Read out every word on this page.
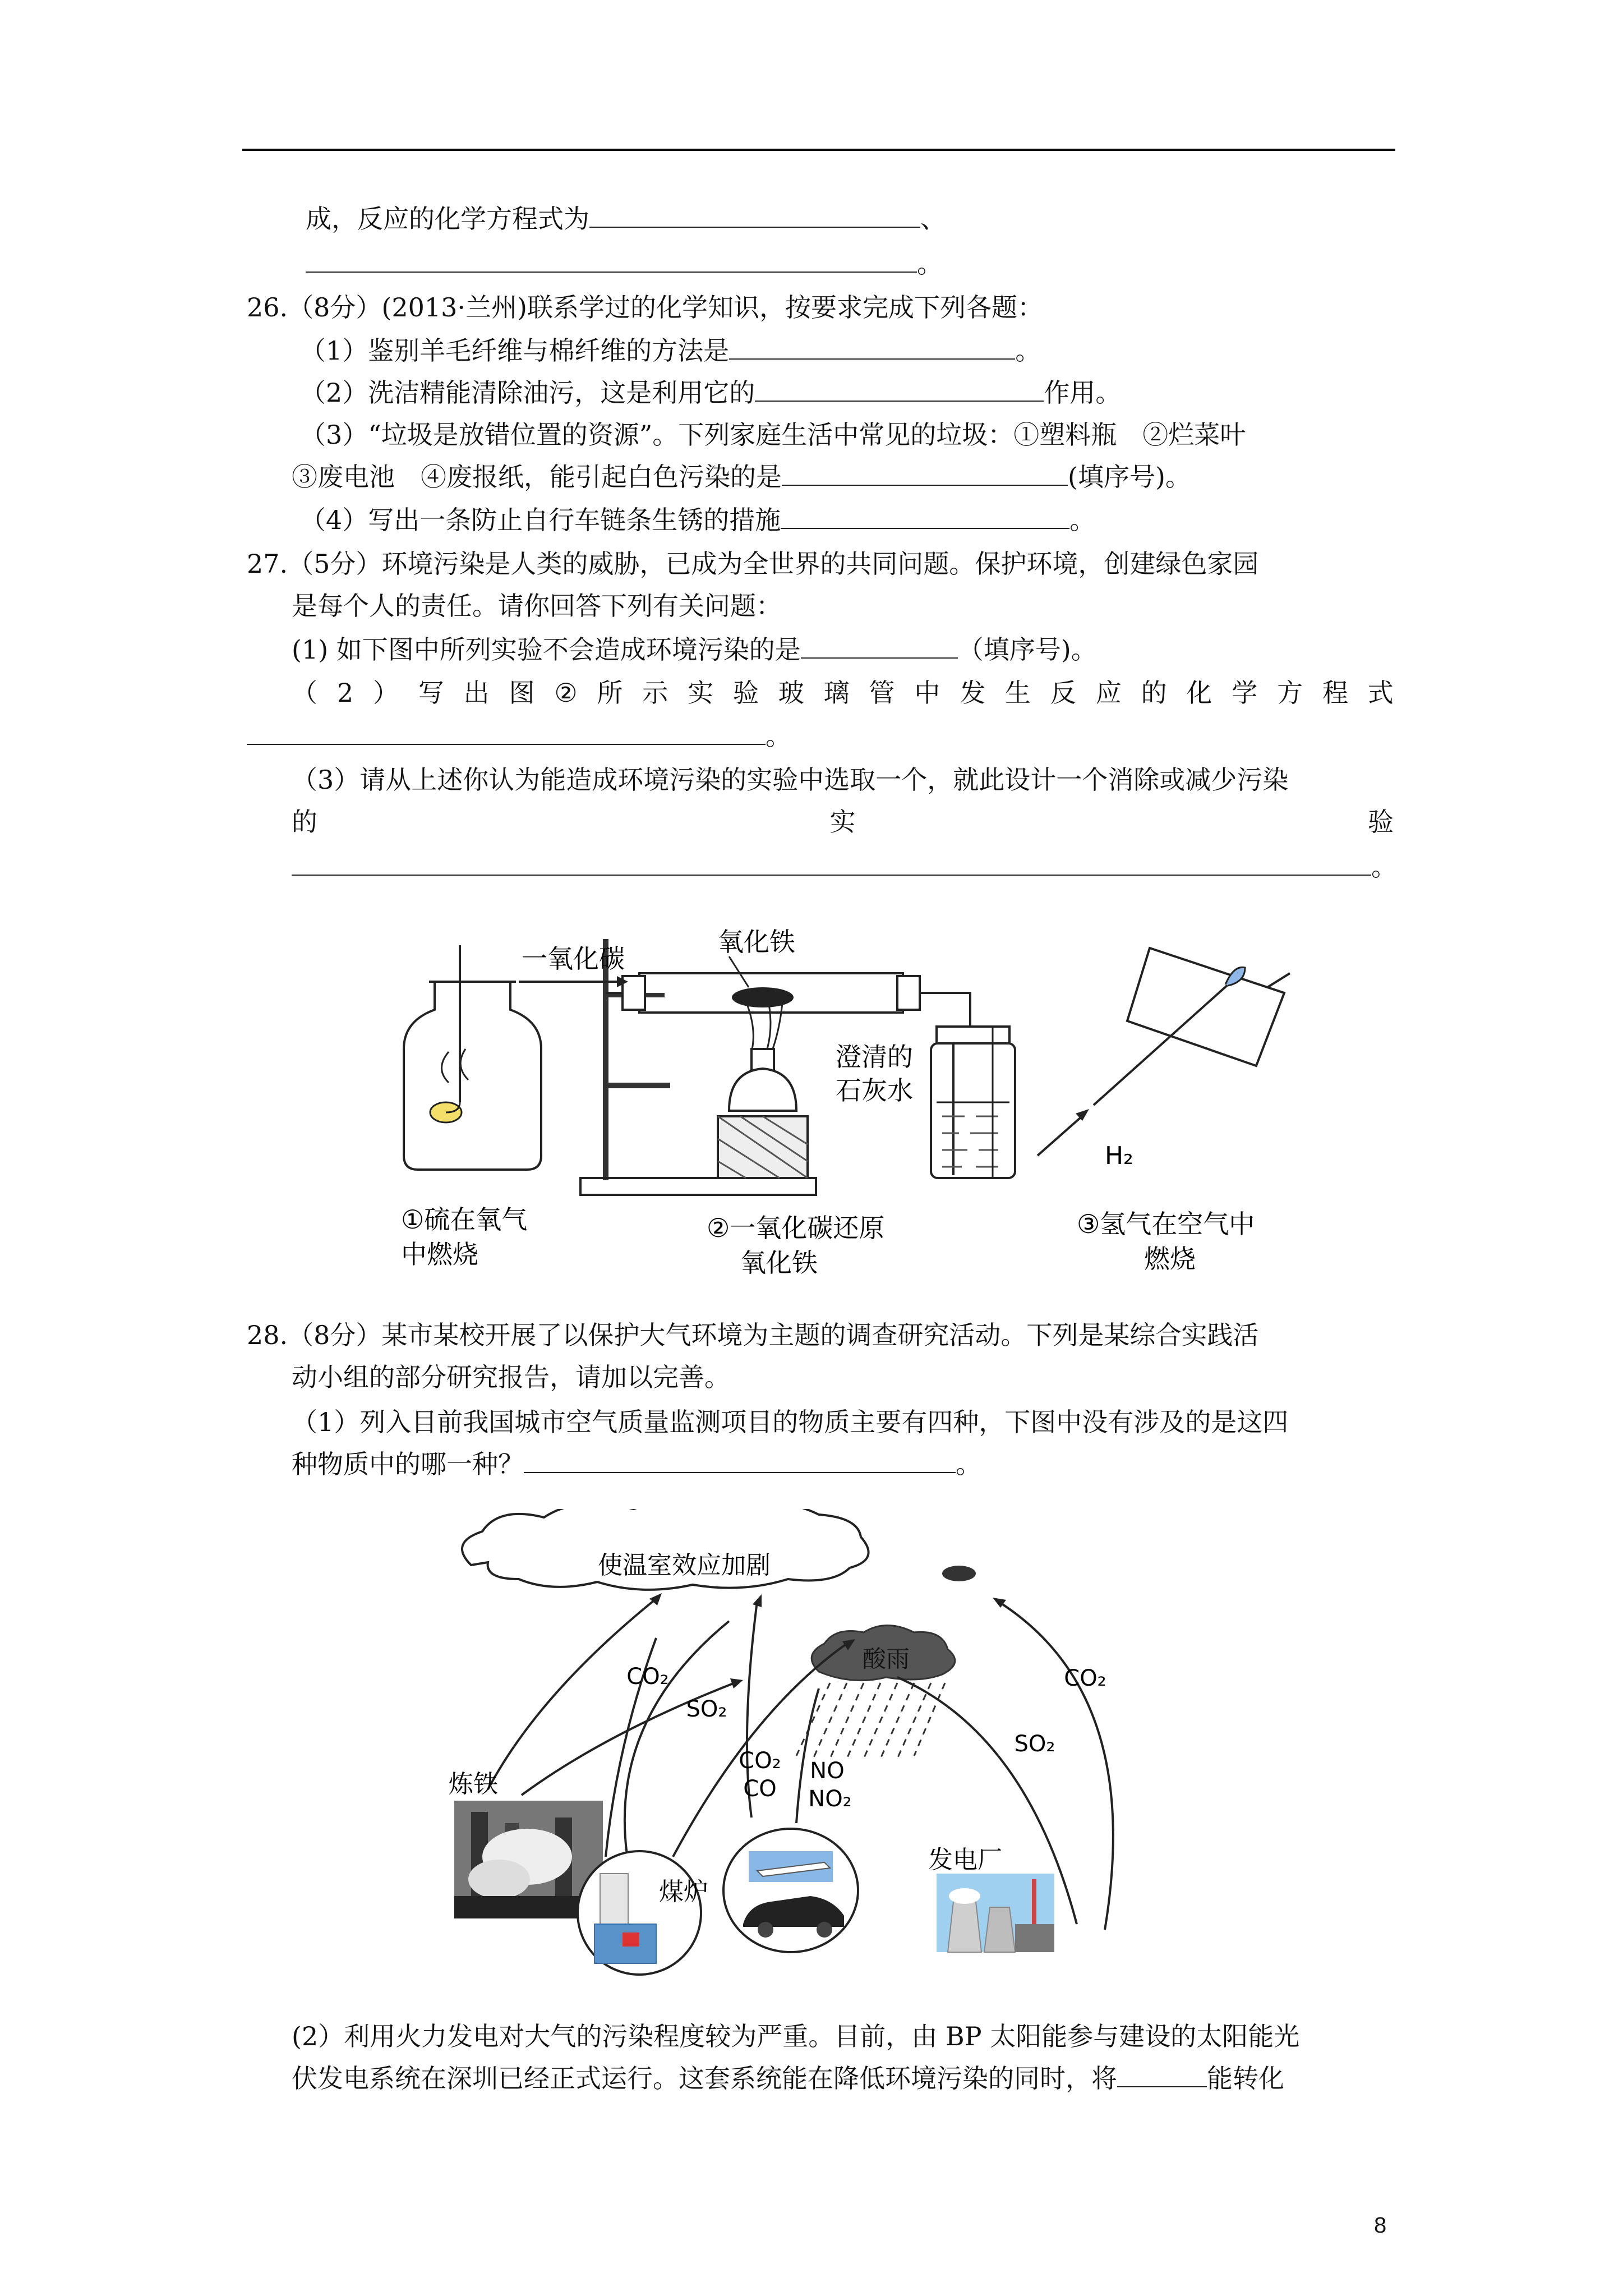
成，反应的化学方程式为	、
。
26.（8分）(2013·兰州)联系学过的化学知识，按要求完成下列各题：
（1）鉴别羊毛纤维与棉纤维的方法是	。
（2）洗洁精能清除油污，这是利用它的	作用。
（3）“垃圾是放错位置的资源”。下列家庭生活中常见的垃圾：①塑料瓶　②烂菜叶
③废电池　④废报纸，能引起白色污染的是	(填序号)。
（4）写出一条防止自行车链条生锈的措施	。
27.（5分）环境污染是人类的威胁，已成为全世界的共同问题。保护环境，创建绿色家园
是每个人的责任。请你回答下列有关问题：
(1) 如下图中所列实验不会造成环境污染的是	（填序号)。
（ 2 ） 写 出 图 ② 所 示 实 验 玻 璃 管 中 发 生 反 应 的 化 学 方 程 式
。
（3）请从上述你认为能造成环境污染的实验中选取一个，就此设计一个消除或减少污染
的	实	验
。
①硫在氧气
中燃烧
一氧化碳
氧化铁
澄清的
石灰水
②一氧化碳还原
氧化铁
H₂
③氢气在空气中
燃烧
28.（8分）某市某校开展了以保护大气环境为主题的调查研究活动。下列是某综合实践活
动小组的部分研究报告，请加以完善。
（1）列入目前我国城市空气质量监测项目的物质主要有四种，下图中没有涉及的是这四
种物质中的哪一种？	。
使温室效应加剧
酸雨
CO₂
SO₂
CO₂
CO
NO
NO₂
SO₂
CO₂
炼铁
煤炉
发电厂
(2）利用火力发电对大气的污染程度较为严重。目前，由 BP 太阳能参与建设的太阳能光
伏发电系统在深圳已经正式运行。这套系统能在降低环境污染的同时，将	能转化
8
